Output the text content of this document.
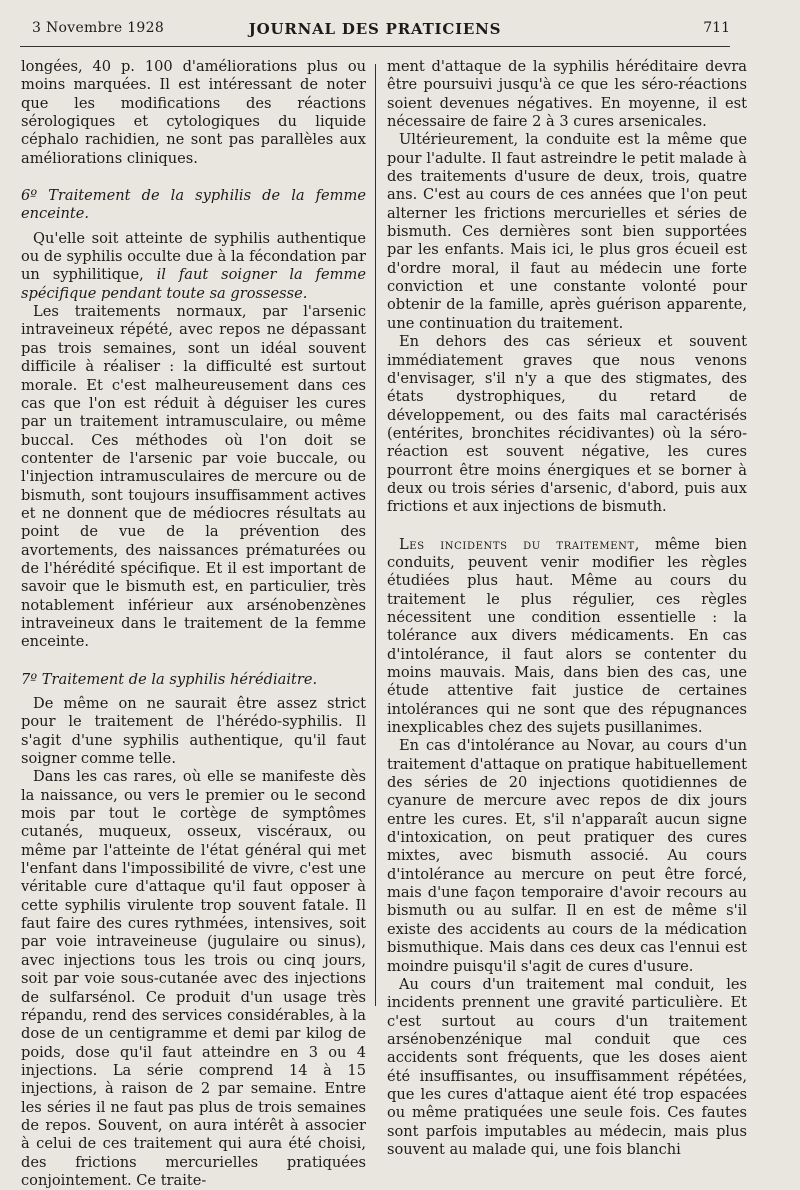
3 Novembre 1928	JOURNAL DES PRATICIENS	711

longées, 40 p. 100 d'améliorations plus ou moins marquées. Il est intéressant de noter que les modifications des réactions sérologiques et cytologiques du liquide céphalo rachidien, ne sont pas parallèles aux améliorations cliniques.

6º Traitement de la syphilis de la femme enceinte.

Qu'elle soit atteinte de syphilis authentique ou de syphilis occulte due à la fécondation par un syphilitique, il faut soigner la femme spécifique pendant toute sa grossesse.

Les traitements normaux, par l'arsenic intraveineux répété, avec repos ne dépassant pas trois semaines, sont un idéal souvent difficile à réaliser : la difficulté est surtout morale. Et c'est malheureusement dans ces cas que l'on est réduit à déguiser les cures par un traitement intramusculaire, ou même buccal. Ces méthodes où l'on doit se contenter de l'arsenic par voie buccale, ou l'injection intramusculaires de mercure ou de bismuth, sont toujours insuffisamment actives et ne donnent que de médiocres résultats au point de vue de la prévention des avortements, des naissances prématurées ou de l'hérédité spécifique. Et il est important de savoir que le bismuth est, en particulier, très notablement inférieur aux arsénobenzènes intraveineux dans le traitement de la femme enceinte.

7º Traitement de la syphilis hérédiaitre.

De même on ne saurait être assez strict pour le traitement de l'hérédo-syphilis. Il s'agit d'une syphilis authentique, qu'il faut soigner comme telle.

Dans les cas rares, où elle se manifeste dès la naissance, ou vers le premier ou le second mois par tout le cortège de symptômes cutanés, muqueux, osseux, viscéraux, ou même par l'atteinte de l'état général qui met l'enfant dans l'impossibilité de vivre, c'est une véritable cure d'attaque qu'il faut opposer à cette syphilis virulente trop souvent fatale. Il faut faire des cures rythmées, intensives, soit par voie intraveineuse (jugulaire ou sinus), avec injections tous les trois ou cinq jours, soit par voie sous-cutanée avec des injections de sulfarsénol. Ce produit d'un usage très répandu, rend des services considérables, à la dose de un centigramme et demi par kilog de poids, dose qu'il faut atteindre en 3 ou 4 injections. La série comprend 14 à 15 injections, à raison de 2 par semaine. Entre les séries il ne faut pas plus de trois semaines de repos. Souvent, on aura intérêt à associer à celui de ces traitement qui aura été choisi, des frictions mercurielles pratiquées conjointement. Ce traite-

ment d'attaque de la syphilis héréditaire devra être poursuivi jusqu'à ce que les séro-réactions soient devenues négatives. En moyenne, il est nécessaire de faire 2 à 3 cures arsenicales.

Ultérieurement, la conduite est la même que pour l'adulte. Il faut astreindre le petit malade à des traitements d'usure de deux, trois, quatre ans. C'est au cours de ces années que l'on peut alterner les frictions mercurielles et séries de bismuth. Ces dernières sont bien supportées par les enfants. Mais ici, le plus gros écueil est d'ordre moral, il faut au médecin une forte conviction et une constante volonté pour obtenir de la famille, après guérison apparente, une continuation du traitement.

En dehors des cas sérieux et souvent immédiatement graves que nous venons d'envisager, s'il n'y a que des stigmates, des états dystrophiques, du retard de développement, ou des faits mal caractérisés (entérites, bronchites récidivantes) où la séro-réaction est souvent négative, les cures pourront être moins énergiques et se borner à deux ou trois séries d'arsenic, d'abord, puis aux frictions et aux injections de bismuth.

Les incidents du traitement, même bien conduits, peuvent venir modifier les règles étudiées plus haut. Même au cours du traitement le plus régulier, ces règles nécessitent une condition essentielle : la tolérance aux divers médicaments. En cas d'intolérance, il faut alors se contenter du moins mauvais. Mais, dans bien des cas, une étude attentive fait justice de certaines intolérances qui ne sont que des répugnances inexplicables chez des sujets pusillanimes.

En cas d'intolérance au Novar, au cours d'un traitement d'attaque on pratique habituellement des séries de 20 injections quotidiennes de cyanure de mercure avec repos de dix jours entre les cures. Et, s'il n'apparaît aucun signe d'intoxication, on peut pratiquer des cures mixtes, avec bismuth associé. Au cours d'intolérance au mercure on peut être forcé, mais d'une façon temporaire d'avoir recours au bismuth ou au sulfar. Il en est de même s'il existe des accidents au cours de la médication bismuthique. Mais dans ces deux cas l'ennui est moindre puisqu'il s'agit de cures d'usure.

Au cours d'un traitement mal conduit, les incidents prennent une gravité particulière. Et c'est surtout au cours d'un traitement arsénobenzénique mal conduit que ces accidents sont fréquents, que les doses aient été insuffisantes, ou insuffisamment répétées, que les cures d'attaque aient été trop espacées ou même pratiquées une seule fois. Ces fautes sont parfois imputables au médecin, mais plus souvent au malade qui, une fois blanchi
